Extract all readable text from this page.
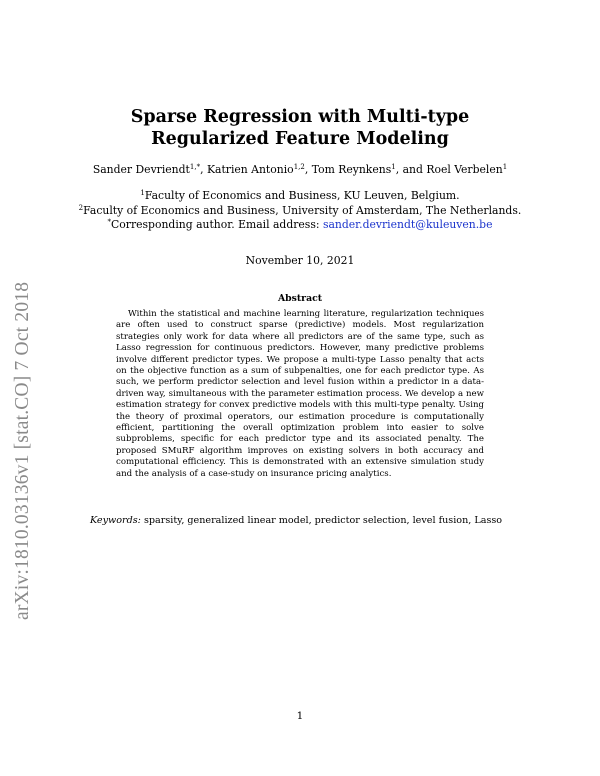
arXiv:1810.03136v1 [stat.CO] 7 Oct 2018
Sparse Regression with Multi-type Regularized Feature Modeling
Sander Devriendt$^{1,*}$, Katrien Antonio$^{1,2}$, Tom Reynkens$^1$, and Roel Verbelen$^1$
$^1$Faculty of Economics and Business, KU Leuven, Belgium.
$^2$Faculty of Economics and Business, University of Amsterdam, The Netherlands.
*Corresponding author. Email address: sander.devriendt@kuleuven.be
November 10, 2021
Abstract
Within the statistical and machine learning literature, regularization techniques are often used to construct sparse (predictive) models. Most regularization strategies only work for data where all predictors are of the same type, such as Lasso regression for continuous predictors. However, many predictive problems involve different predictor types. We propose a multi-type Lasso penalty that acts on the objective function as a sum of subpenalties, one for each predictor type. As such, we perform predictor selection and level fusion within a predictor in a data-driven way, simultaneous with the parameter estimation process. We develop a new estimation strategy for convex predictive models with this multi-type penalty. Using the theory of proximal operators, our estimation procedure is computationally efficient, partitioning the overall optimization problem into easier to solve subproblems, specific for each predictor type and its associated penalty. The proposed SMuRF algorithm improves on existing solvers in both accuracy and computational efficiency. This is demonstrated with an extensive simulation study and the analysis of a case-study on insurance pricing analytics.
Keywords: sparsity, generalized linear model, predictor selection, level fusion, Lasso
1
